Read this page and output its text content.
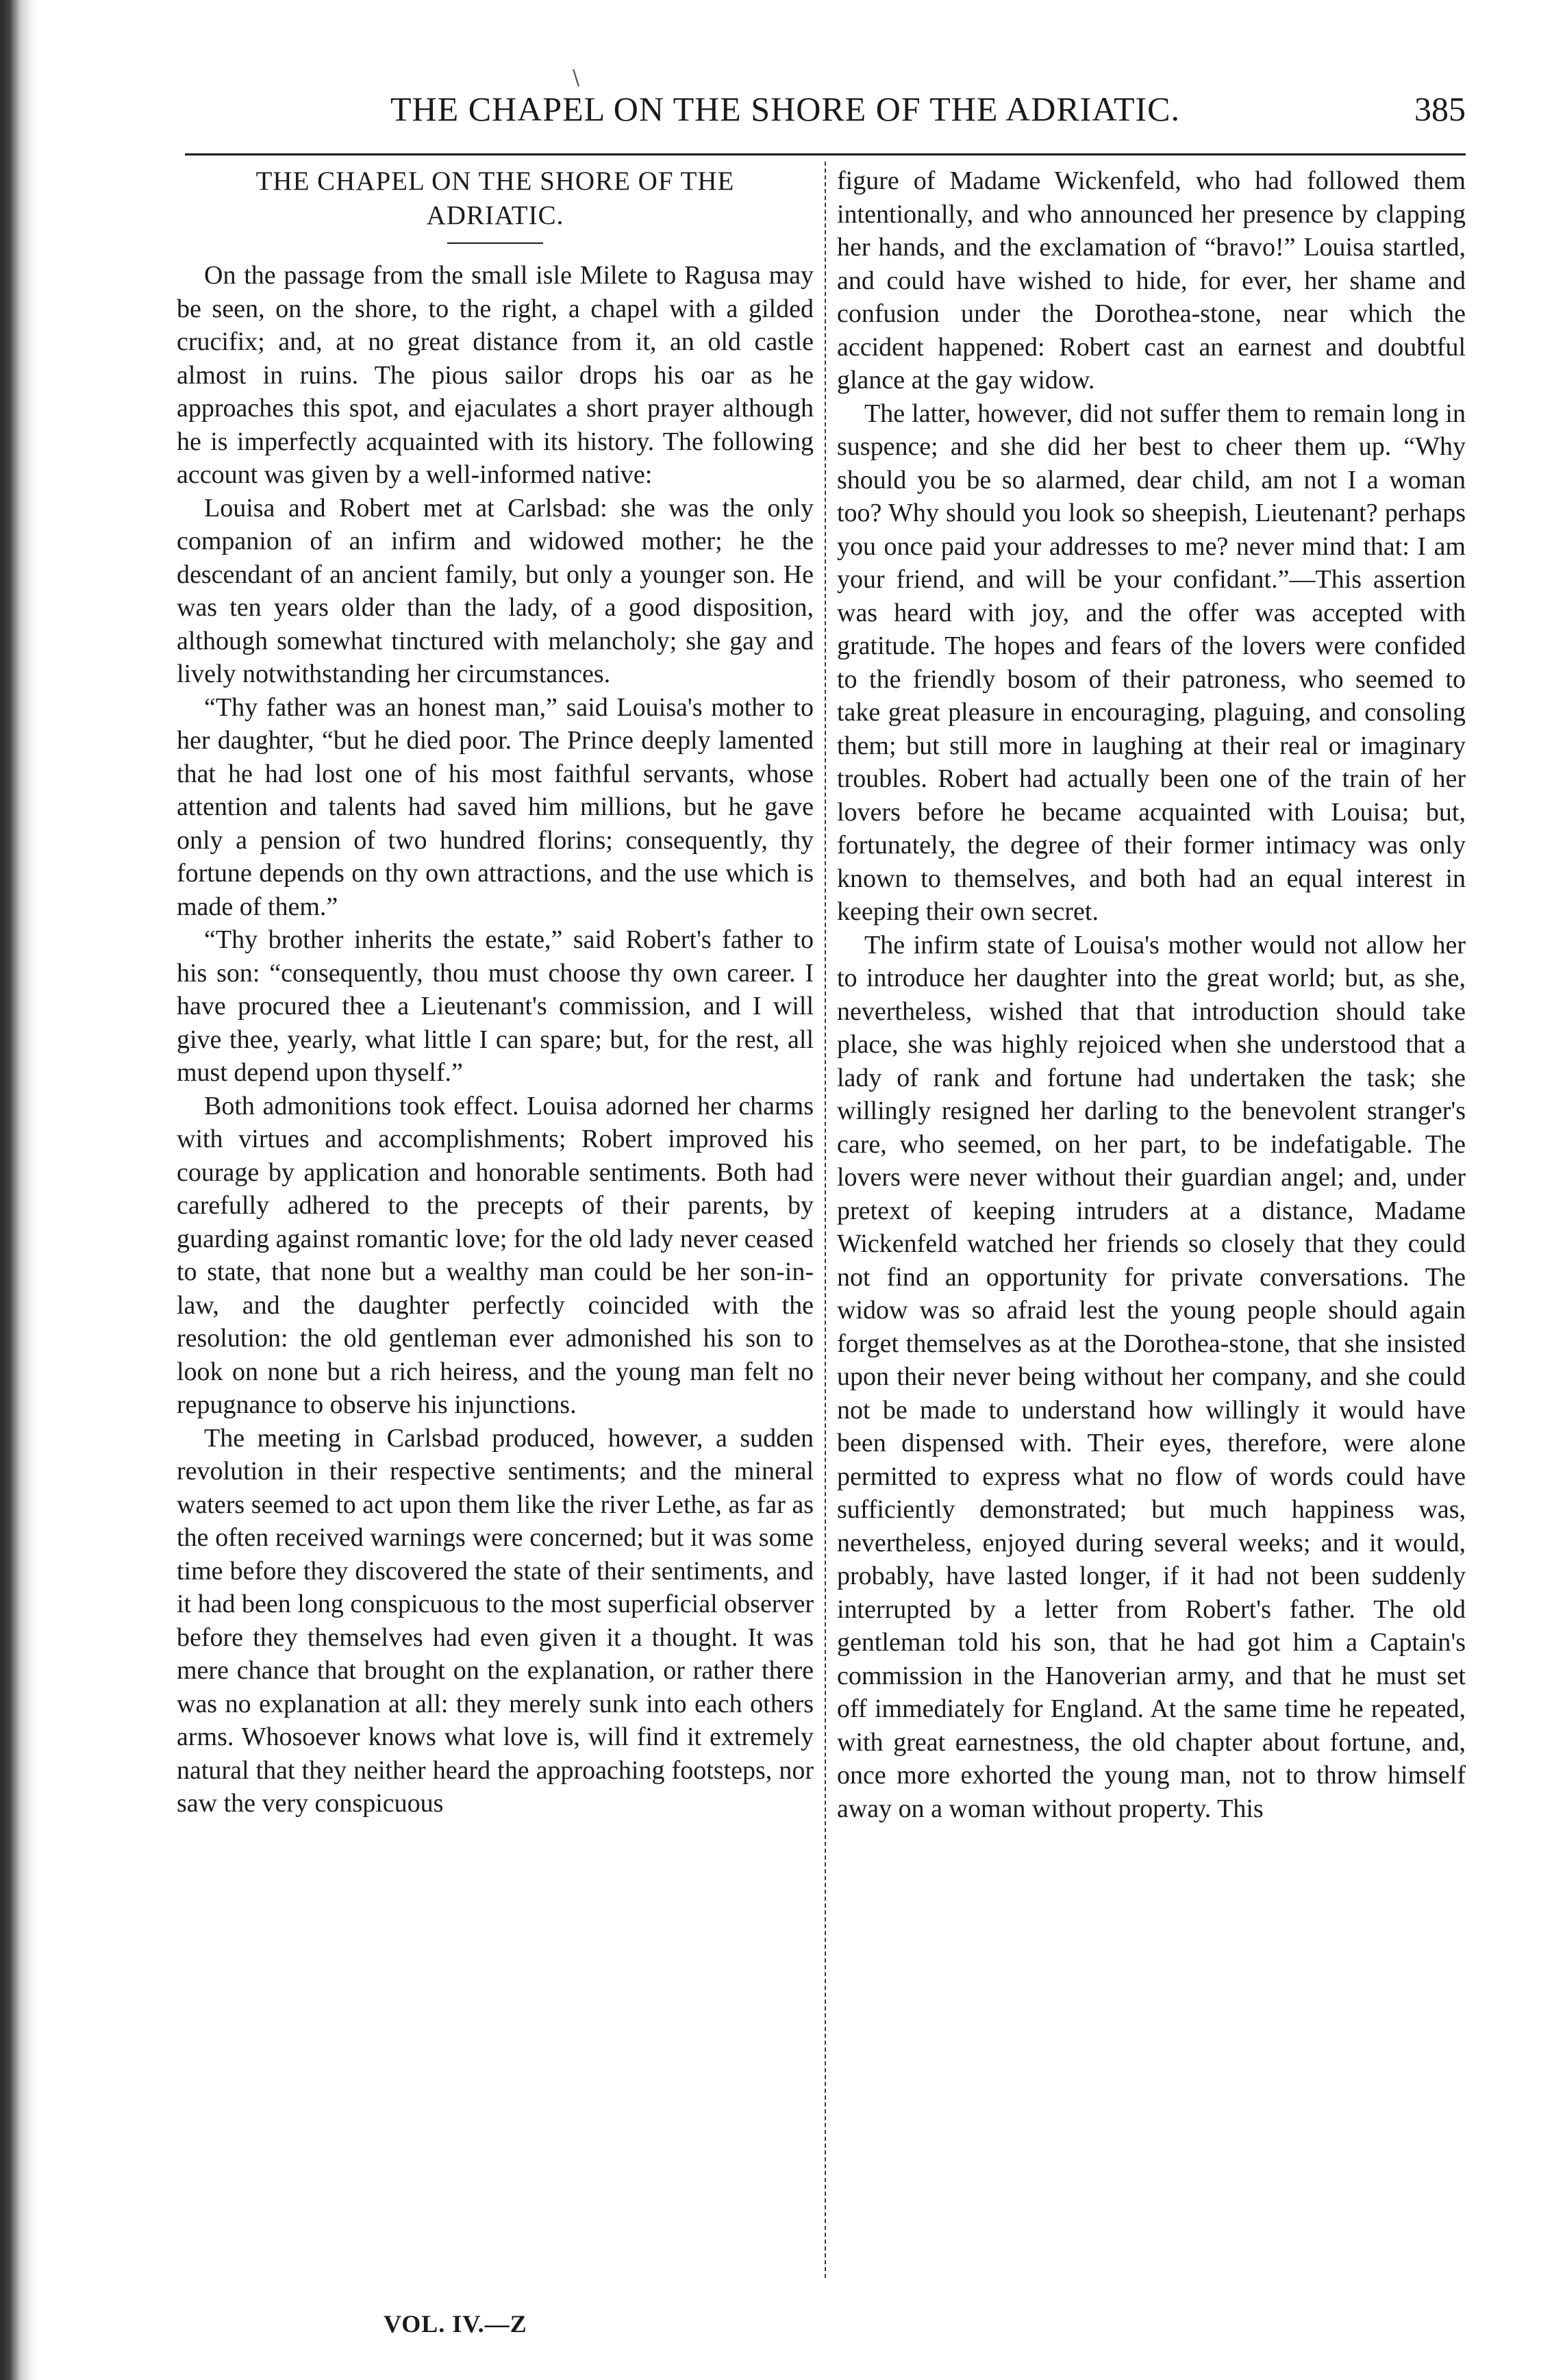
\
THE CHAPEL ON THE SHORE OF THE ADRIATIC.	385

THE CHAPEL ON THE SHORE OF THE
ADRIATIC.

On the passage from the small isle Milete to Ragusa may be seen, on the shore, to the right, a chapel with a gilded crucifix; and, at no great distance from it, an old castle almost in ruins. The pious sailor drops his oar as he approaches this spot, and ejaculates a short prayer although he is imperfectly acquainted with its history. The following account was given by a well-informed native:

Louisa and Robert met at Carlsbad: she was the only companion of an infirm and widowed mother; he the descendant of an ancient family, but only a younger son. He was ten years older than the lady, of a good disposition, although somewhat tinctured with melancholy; she gay and lively notwithstanding her circumstances.

“Thy father was an honest man,” said Louisa's mother to her daughter, “but he died poor. The Prince deeply lamented that he had lost one of his most faithful servants, whose attention and talents had saved him millions, but he gave only a pension of two hundred florins; consequently, thy fortune depends on thy own attractions, and the use which is made of them.”

“Thy brother inherits the estate,” said Robert's father to his son: “consequently, thou must choose thy own career. I have procured thee a Lieutenant's commission, and I will give thee, yearly, what little I can spare; but, for the rest, all must depend upon thyself.”

Both admonitions took effect. Louisa adorned her charms with virtues and accomplishments; Robert improved his courage by application and honorable sentiments. Both had carefully adhered to the precepts of their parents, by guarding against romantic love; for the old lady never ceased to state, that none but a wealthy man could be her son-in-law, and the daughter perfectly coincided with the resolution: the old gentleman ever admonished his son to look on none but a rich heiress, and the young man felt no repugnance to observe his injunctions.

The meeting in Carlsbad produced, however, a sudden revolution in their respective sentiments; and the mineral waters seemed to act upon them like the river Lethe, as far as the often received warnings were concerned; but it was some time before they discovered the state of their sentiments, and it had been long conspicuous to the most superficial observer before they themselves had even given it a thought. It was mere chance that brought on the explanation, or rather there was no explanation at all: they merely sunk into each others arms. Whosoever knows what love is, will find it extremely natural that they neither heard the approaching footsteps, nor saw the very conspicuous

figure of Madame Wickenfeld, who had followed them intentionally, and who announced her presence by clapping her hands, and the exclamation of “bravo!” Louisa startled, and could have wished to hide, for ever, her shame and confusion under the Dorothea-stone, near which the accident happened: Robert cast an earnest and doubtful glance at the gay widow.

The latter, however, did not suffer them to remain long in suspence; and she did her best to cheer them up. “Why should you be so alarmed, dear child, am not I a woman too? Why should you look so sheepish, Lieutenant? perhaps you once paid your addresses to me? never mind that: I am your friend, and will be your confidant.”—This assertion was heard with joy, and the offer was accepted with gratitude. The hopes and fears of the lovers were confided to the friendly bosom of their patroness, who seemed to take great pleasure in encouraging, plaguing, and consoling them; but still more in laughing at their real or imaginary troubles. Robert had actually been one of the train of her lovers before he became acquainted with Louisa; but, fortunately, the degree of their former intimacy was only known to themselves, and both had an equal interest in keeping their own secret.

The infirm state of Louisa's mother would not allow her to introduce her daughter into the great world; but, as she, nevertheless, wished that that introduction should take place, she was highly rejoiced when she understood that a lady of rank and fortune had undertaken the task; she willingly resigned her darling to the benevolent stranger's care, who seemed, on her part, to be indefatigable. The lovers were never without their guardian angel; and, under pretext of keeping intruders at a distance, Madame Wickenfeld watched her friends so closely that they could not find an opportunity for private conversations. The widow was so afraid lest the young people should again forget themselves as at the Dorothea-stone, that she insisted upon their never being without her company, and she could not be made to understand how willingly it would have been dispensed with. Their eyes, therefore, were alone permitted to express what no flow of words could have sufficiently demonstrated; but much happiness was, nevertheless, enjoyed during several weeks; and it would, probably, have lasted longer, if it had not been suddenly interrupted by a letter from Robert's father. The old gentleman told his son, that he had got him a Captain's commission in the Hanoverian army, and that he must set off immediately for England. At the same time he repeated, with great earnestness, the old chapter about fortune, and, once more exhorted the young man, not to throw himself away on a woman without property. This

VOL. IV.—Z
